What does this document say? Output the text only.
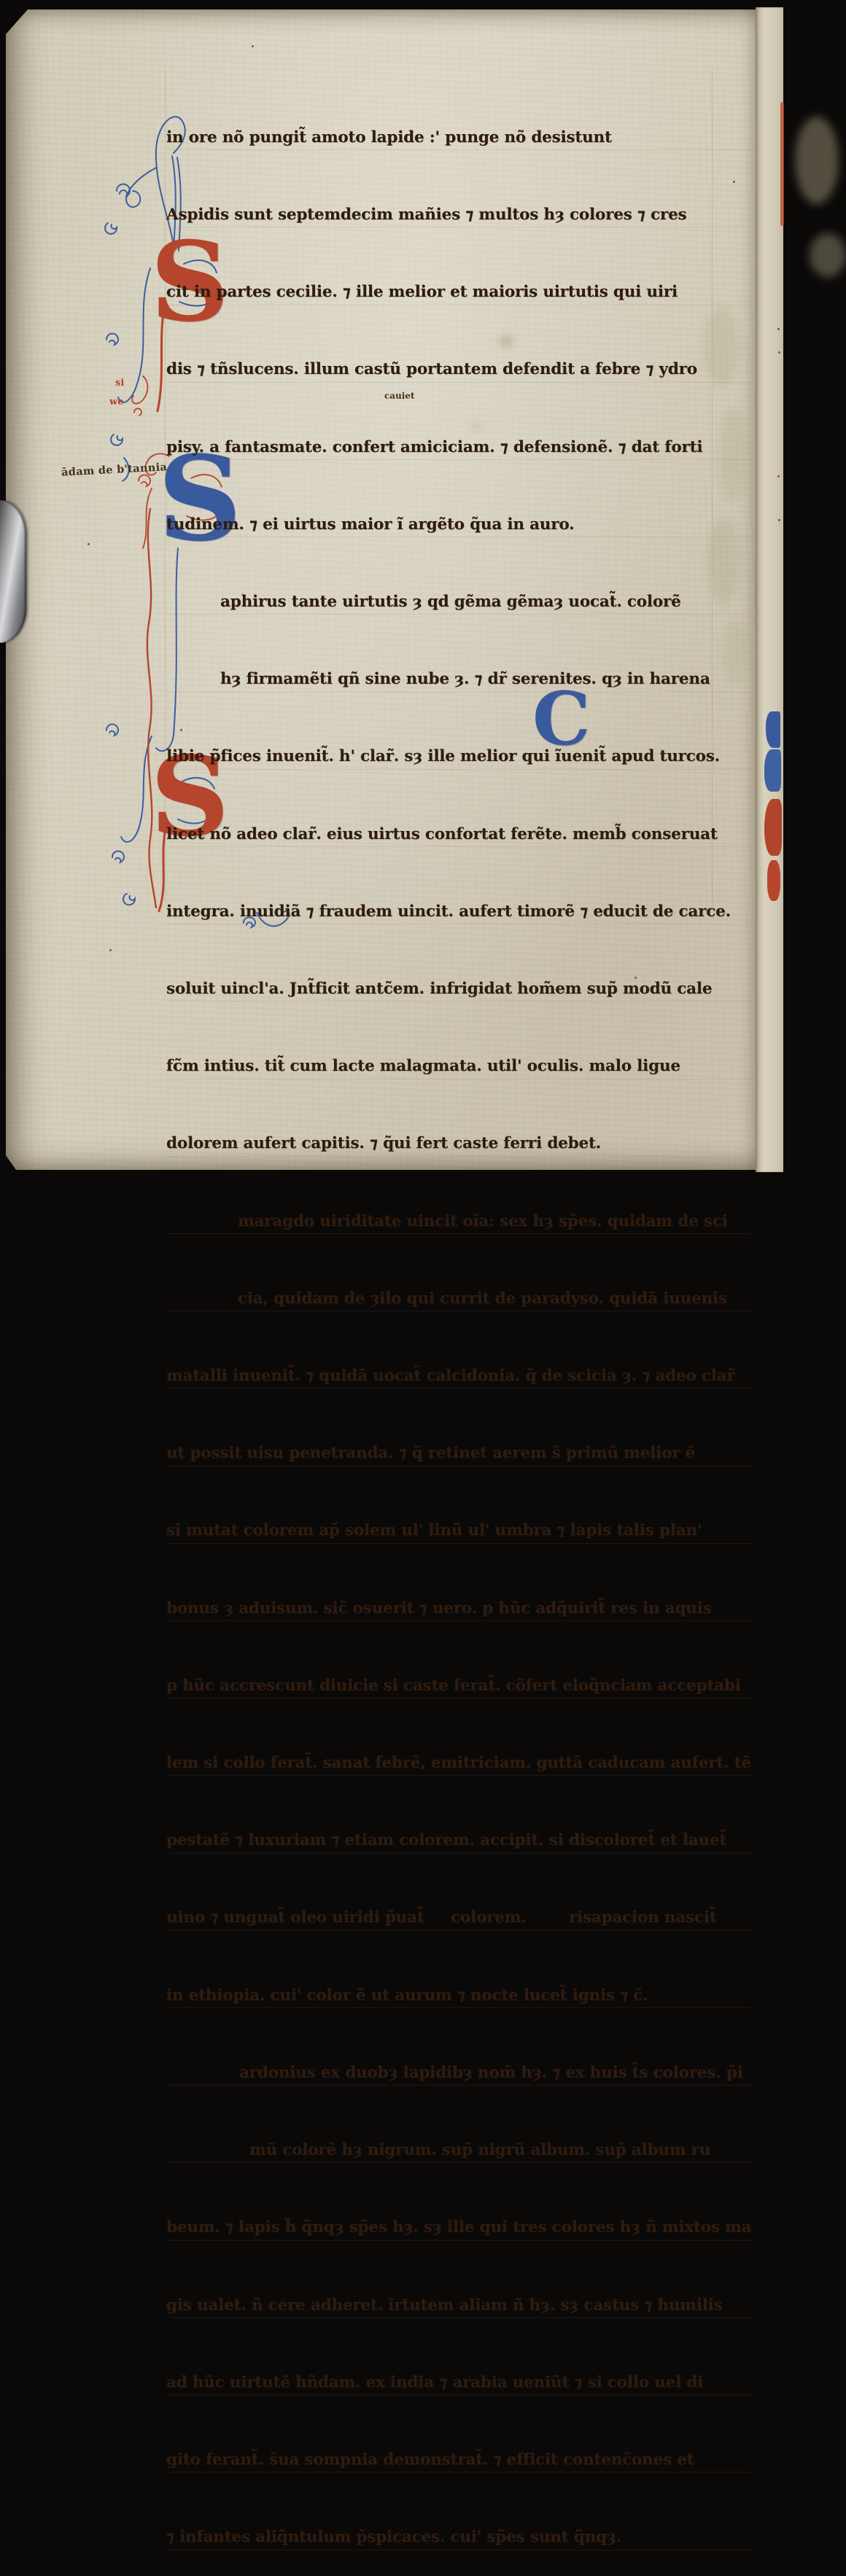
S
S
C
S
ādam de b'tannia
cauiet
si
we

in ore nõ pungit̃ amoto lapide :' punge nõ desistunt

Aspidis sunt septemdecim mañies ⁊ multos hȝ colores ⁊ cres

cit in partes cecilie. ⁊ ille melior et maioris uirtutis qui uiri

dis ⁊ tñslucens. illum castũ portantem defendit a febre ⁊ ydro

pisy. a fantasmate. confert amiciciam. ⁊ defensionẽ. ⁊ dat forti

tudinem. ⁊ ei uirtus maior ĩ argẽto q̃ua in auro.

aphirus tante uirtutis ȝ qd gẽma gẽmaȝ uocat̃. colorẽ

hȝ firmamẽti qñ sine nube ȝ. ⁊ dr̃ serenites. qȝ in harena

libie p̃fices inuenit̃. h' clar̃. sȝ ille melior qui ĩuenit̃ apud turcos.

licet nõ adeo clar̃. eius uirtus confortat ferẽte. memb̃ conseruat

integra. inuidiã ⁊ fraudem uincit. aufert timorẽ ⁊ educit de carce.

soluit uincl'a. Jnt̃ficit antc̃em. infrigidat hom̃em sup̃ modũ cale

fc̃m intius. tit̃ cum lacte malagmata. util' oculis. malo ligue

dolorem aufert capitis. ⁊ q̃ui fert caste ferri debet.

maragdo uiriditate uincit oĩa: sex hȝ sp̃es. quidam de sci

cia, quidam de ȝilo qui currit de paradyso. quidã iuuenis

matalli inuenit̃. ⁊ quidã uocat̃ calcidonia. q̃ de scicia ȝ. ⁊ adeo clar̃

ut possit uisu penetranda. ⁊ q̃ retinet aerem s̃ primũ melior ẽ

si mutat colorem ap̃ solem ul' linũ ul' umbra ⁊ lapis talis plan'

bonus ȝ aduisum. sic̃ osuerit ⁊ uero. p hũc adq̃uirit̃ res in aquis

p hũc accrescunt diuicie si caste ferat̃. cõfert eloq̃nciam acceptabi

lem si collo ferat̃. sanat febrẽ, emitriciam. guttã caducam aufert. tẽ

pestatẽ ⁊ luxuriam ⁊ etiam colorem. accipit. si discoloret̃ et lauet̃

uino ⁊ unguat̃ oleo uiridi p̃uat̃     colorem.        risapacion nascit̃

in ethiopia. cui' color ẽ ut aurum ⁊ nocte lucet̃ ignis ⁊ c̃.

ardonius ex duobȝ lapidibȝ nom̃ hȝ. ⁊ ex huis t̃s colores. p̃i

mũ colorẽ hȝ nigrum. sup̃ nigrũ album. sup̃ album ru

beum. ⁊ lapis h̃ q̃nqȝ sp̃es hȝ. sȝ ille qui tres colores hȝ ñ mixtos ma

gis ualet. ñ cere adheret. ĩrtutem aliam ñ hȝ. sȝ castus ⁊ humilis

ad hũc uirtutẽ hñdam. ex india ⁊ arabia ueniũt ⁊ si collo uel di

gito ferant̃. s̃ua sompnia demonstrat̃. ⁊ efficit contenc̃ones et

⁊ infantes aliq̃ntulum p̃spicaces. cui' sp̃es sunt q̃nqȝ.
